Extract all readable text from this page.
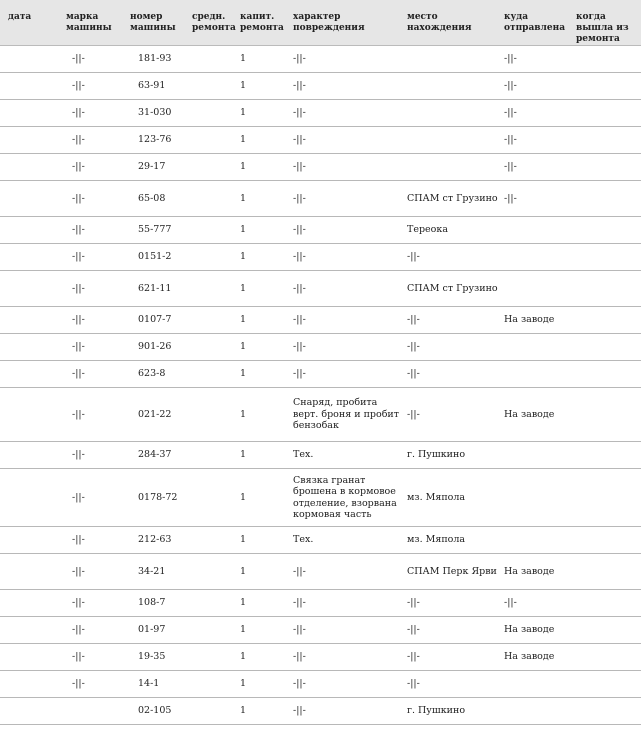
дата	марка машины	номер машины	средн. ремонта	капит. ремонта	характер повреждения	место нахождения	куда отправлена	когда вышла из ремонта
	-||-	181-93		1	-||-		-||-	
	-||-	63-91		1	-||-		-||-	
	-||-	31-030		1	-||-		-||-	
	-||-	123-76		1	-||-		-||-	
	-||-	29-17		1	-||-		-||-	
	-||-	65-08		1	-||-	СПАМ ст Грузино	-||-	
	-||-	55-777		1	-||-	Тереока		
	-||-	0151-2		1	-||-	-||-		
	-||-	621-11		1	-||-	СПАМ ст Грузино		
	-||-	0107-7		1	-||-	-||-	На заводе	
	-||-	901-26		1	-||-	-||-		
	-||-	623-8		1	-||-	-||-		
	-||-	021-22		1	Снаряд, пробита верт. броня и пробит бензобак	-||-	На заводе	
	-||-	284-37		1	Тех.	г. Пушкино		
	-||-	0178-72		1	Связка гранат брошена в кормовое отделение, взорвана кормовая часть	мз. Мяпола		
	-||-	212-63		1	Тех.	мз. Мяпола		
	-||-	34-21		1	-||-	СПАМ Перк Ярви	На заводе	
	-||-	108-7		1	-||-	-||-	-||-	
	-||-	01-97		1	-||-	-||-	На заводе	
	-||-	19-35		1	-||-	-||-	На заводе	
	-||-	14-1		1	-||-	-||-		
		02-105		1	-||-	г. Пушкино		
